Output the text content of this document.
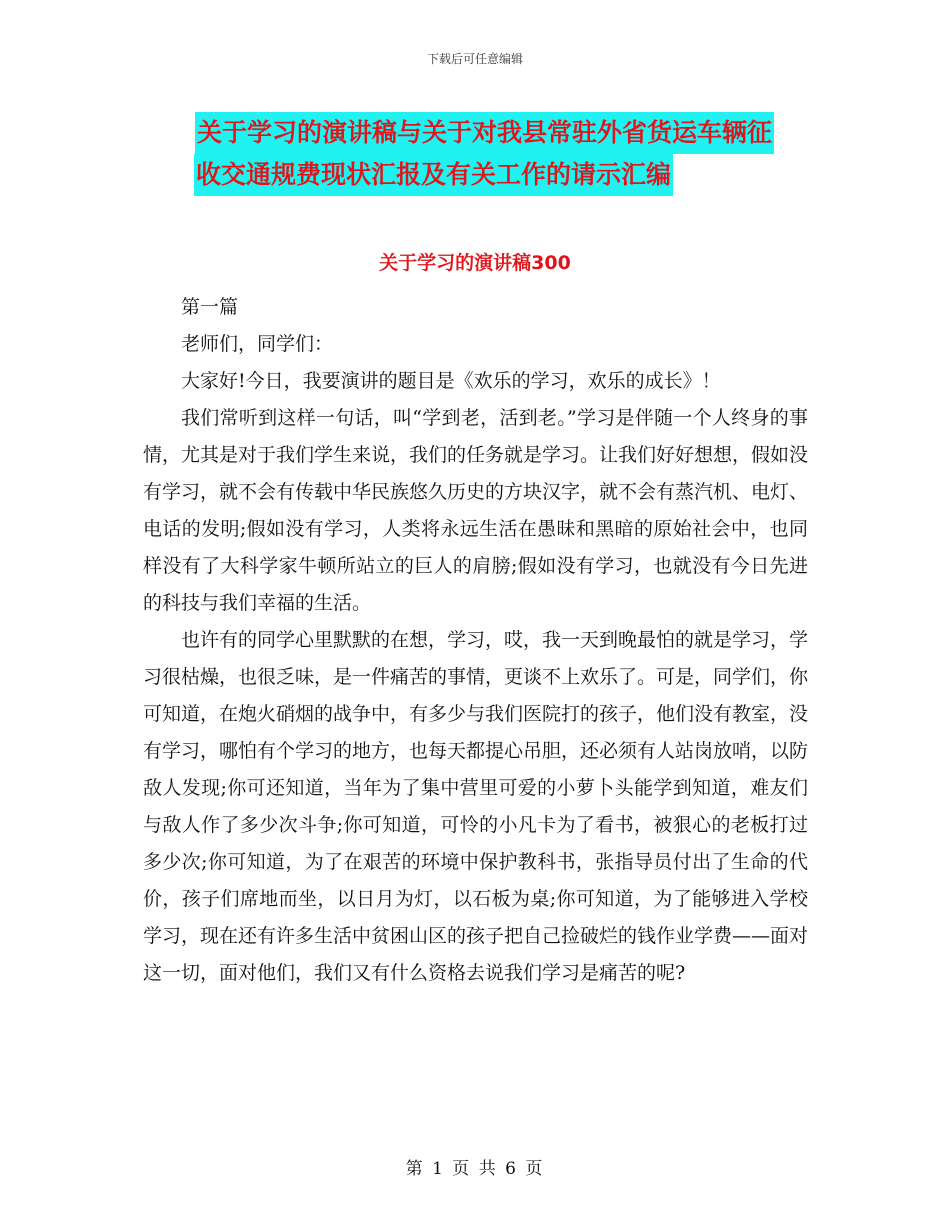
下载后可任意编辑
关于学习的演讲稿与关于对我县常驻外省货运车辆征
收交通规费现状汇报及有关工作的请示汇编
关于学习的演讲稿300

第一篇

老师们，同学们：

大家好!今日，我要演讲的题目是《欢乐的学习，欢乐的成长》！

我们常听到这样一句话，叫“学到老，活到老。”学习是伴随一个人终身的事情，尤其是对于我们学生来说，我们的任务就是学习。让我们好好想想，假如没有学习，就不会有传载中华民族悠久历史的方块汉字，就不会有蒸汽机、电灯、电话的发明;假如没有学习，人类将永远生活在愚昧和黑暗的原始社会中，也同样没有了大科学家牛顿所站立的巨人的肩膀;假如没有学习，也就没有今日先进的科技与我们幸福的生活。

也许有的同学心里默默的在想，学习，哎，我一天到晚最怕的就是学习，学习很枯燥，也很乏味，是一件痛苦的事情，更谈不上欢乐了。可是，同学们，你可知道，在炮火硝烟的战争中，有多少与我们医院打的孩子，他们没有教室，没有学习，哪怕有个学习的地方，也每天都提心吊胆，还必须有人站岗放哨，以防敌人发现;你可还知道，当年为了集中营里可爱的小萝卜头能学到知道，难友们与敌人作了多少次斗争;你可知道，可怜的小凡卡为了看书，被狠心的老板打过多少次;你可知道，为了在艰苦的环境中保护教科书，张指导员付出了生命的代价，孩子们席地而坐，以日月为灯，以石板为桌;你可知道，为了能够进入学校学习，现在还有许多生活中贫困山区的孩子把自己捡破烂的钱作业学费——面对这一切，面对他们，我们又有什么资格去说我们学习是痛苦的呢?

第 1 页 共 6 页
